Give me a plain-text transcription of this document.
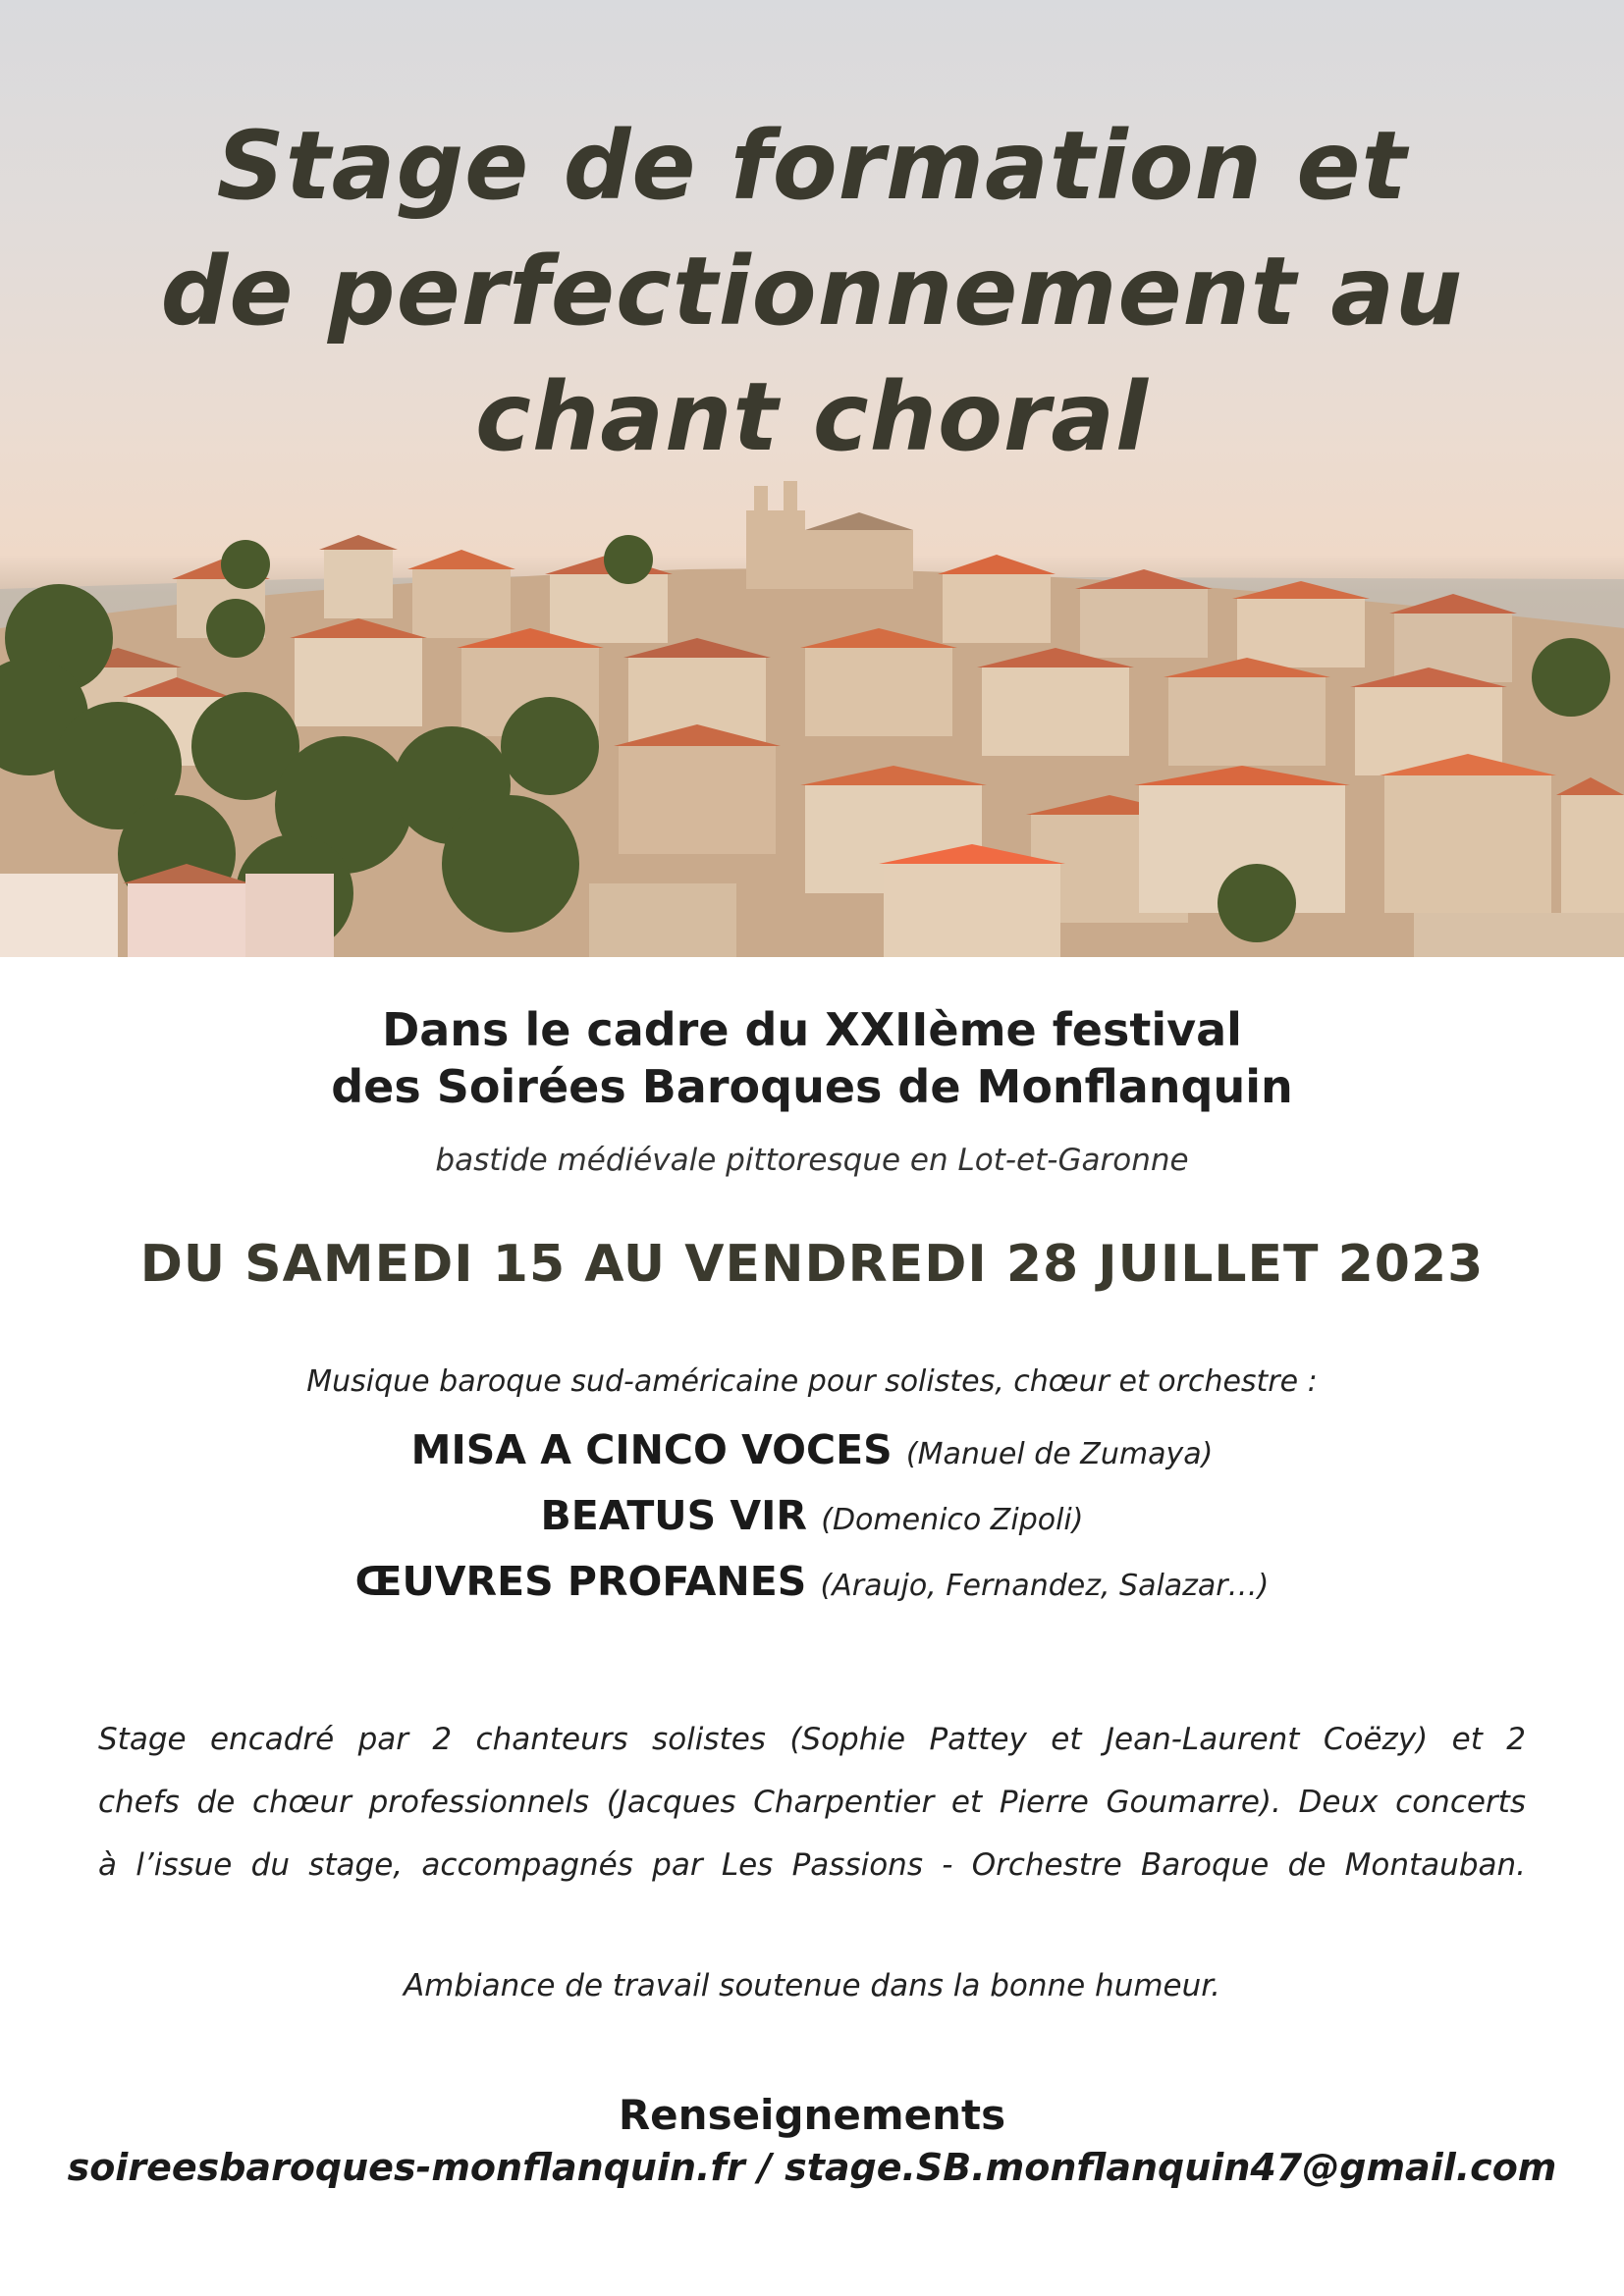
Stage de formation et
de perfectionnement au
chant choral
Dans le cadre du XXIIème festival
des Soirées Baroques de Monflanquin
bastide médiévale pittoresque en Lot-et-Garonne
DU SAMEDI 15 AU VENDREDI 28 JUILLET 2023
Musique baroque sud-américaine pour solistes, chœur et orchestre :
MISA A CINCO VOCES (Manuel de Zumaya)
BEATUS VIR (Domenico Zipoli)
ŒUVRES PROFANES (Araujo, Fernandez, Salazar…)
Stage encadré par 2 chanteurs solistes (Sophie Pattey et Jean-Laurent Coëzy) et 2
chefs de chœur professionnels (Jacques Charpentier et Pierre Goumarre). Deux concerts
à l’issue du stage, accompagnés par Les Passions - Orchestre Baroque de Montauban.
Ambiance de travail soutenue dans la bonne humeur.
Renseignements
soireesbaroques-monflanquin.fr / stage.SB.monflanquin47@gmail.com
